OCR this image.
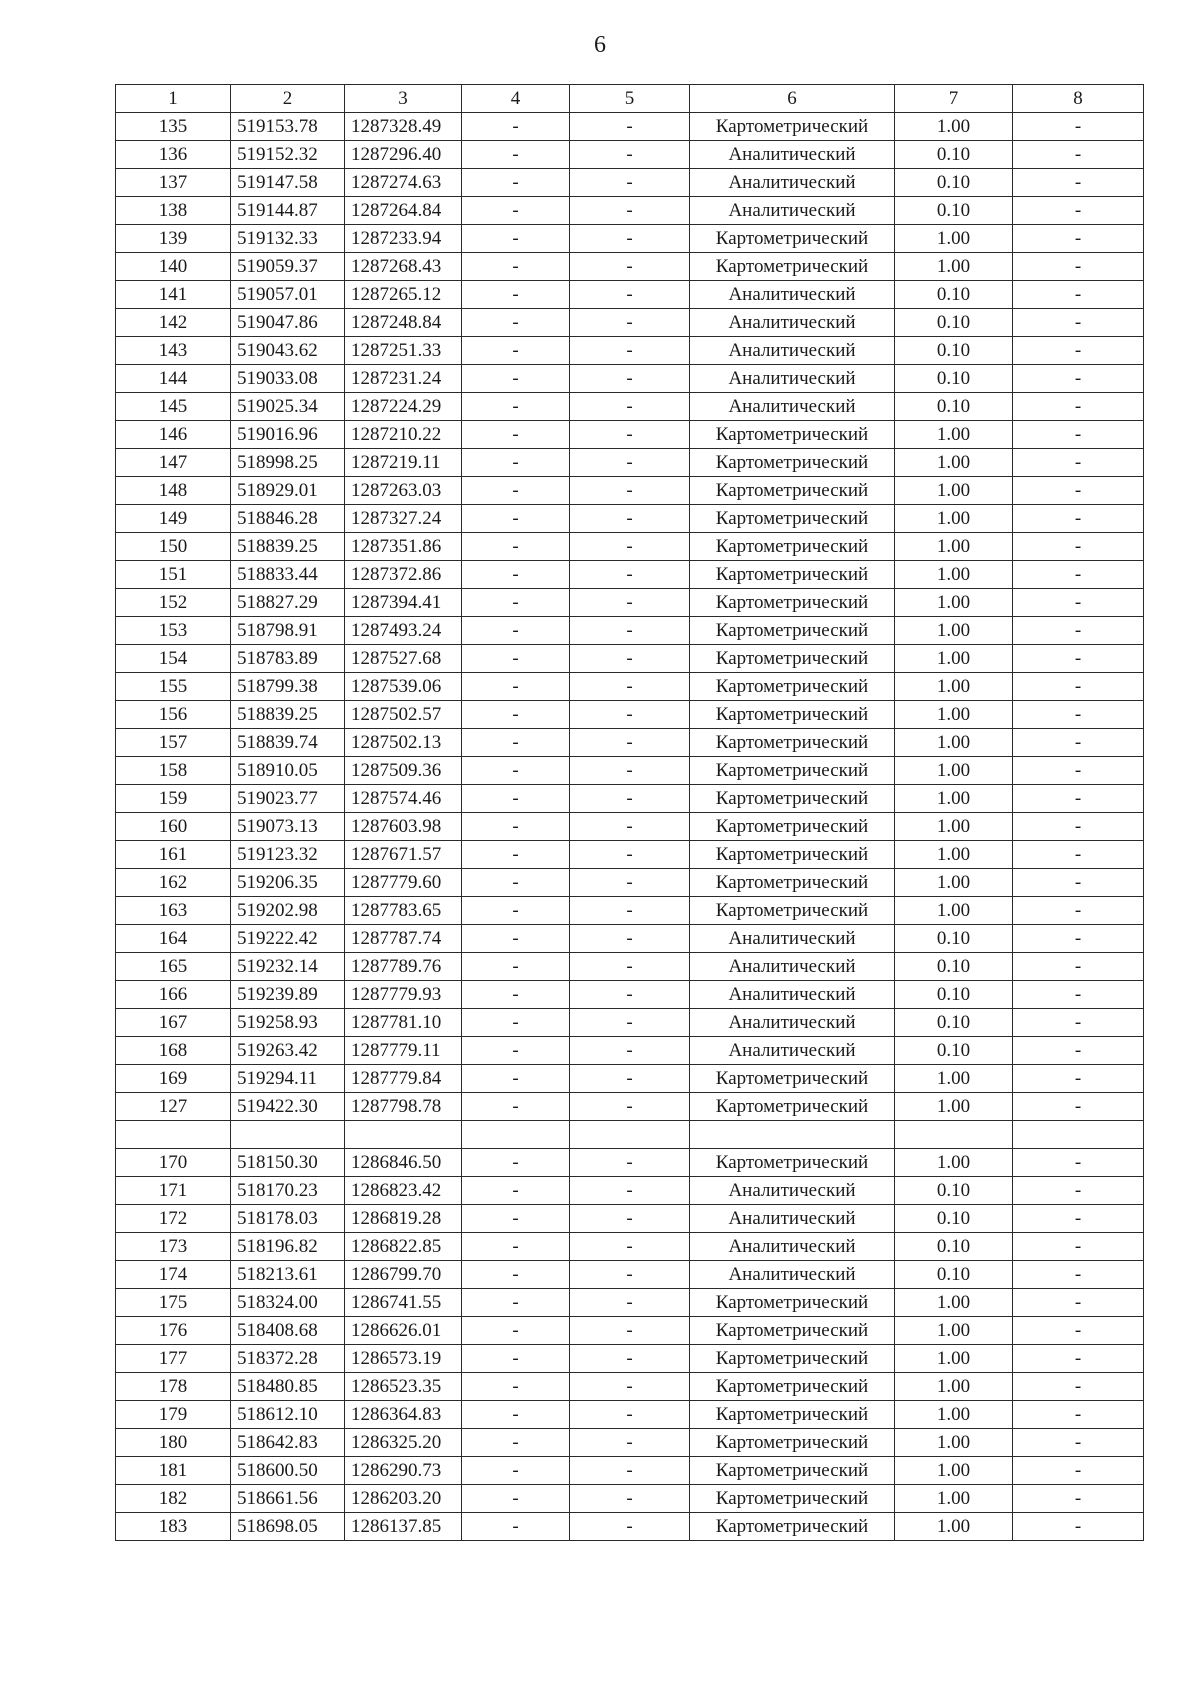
6
1	2	3	4	5	6	7	8
135	519153.78	1287328.49	-	-	Картометрический	1.00	-
136	519152.32	1287296.40	-	-	Аналитический	0.10	-
137	519147.58	1287274.63	-	-	Аналитический	0.10	-
138	519144.87	1287264.84	-	-	Аналитический	0.10	-
139	519132.33	1287233.94	-	-	Картометрический	1.00	-
140	519059.37	1287268.43	-	-	Картометрический	1.00	-
141	519057.01	1287265.12	-	-	Аналитический	0.10	-
142	519047.86	1287248.84	-	-	Аналитический	0.10	-
143	519043.62	1287251.33	-	-	Аналитический	0.10	-
144	519033.08	1287231.24	-	-	Аналитический	0.10	-
145	519025.34	1287224.29	-	-	Аналитический	0.10	-
146	519016.96	1287210.22	-	-	Картометрический	1.00	-
147	518998.25	1287219.11	-	-	Картометрический	1.00	-
148	518929.01	1287263.03	-	-	Картометрический	1.00	-
149	518846.28	1287327.24	-	-	Картометрический	1.00	-
150	518839.25	1287351.86	-	-	Картометрический	1.00	-
151	518833.44	1287372.86	-	-	Картометрический	1.00	-
152	518827.29	1287394.41	-	-	Картометрический	1.00	-
153	518798.91	1287493.24	-	-	Картометрический	1.00	-
154	518783.89	1287527.68	-	-	Картометрический	1.00	-
155	518799.38	1287539.06	-	-	Картометрический	1.00	-
156	518839.25	1287502.57	-	-	Картометрический	1.00	-
157	518839.74	1287502.13	-	-	Картометрический	1.00	-
158	518910.05	1287509.36	-	-	Картометрический	1.00	-
159	519023.77	1287574.46	-	-	Картометрический	1.00	-
160	519073.13	1287603.98	-	-	Картометрический	1.00	-
161	519123.32	1287671.57	-	-	Картометрический	1.00	-
162	519206.35	1287779.60	-	-	Картометрический	1.00	-
163	519202.98	1287783.65	-	-	Картометрический	1.00	-
164	519222.42	1287787.74	-	-	Аналитический	0.10	-
165	519232.14	1287789.76	-	-	Аналитический	0.10	-
166	519239.89	1287779.93	-	-	Аналитический	0.10	-
167	519258.93	1287781.10	-	-	Аналитический	0.10	-
168	519263.42	1287779.11	-	-	Аналитический	0.10	-
169	519294.11	1287779.84	-	-	Картометрический	1.00	-
127	519422.30	1287798.78	-	-	Картометрический	1.00	-

170	518150.30	1286846.50	-	-	Картометрический	1.00	-
171	518170.23	1286823.42	-	-	Аналитический	0.10	-
172	518178.03	1286819.28	-	-	Аналитический	0.10	-
173	518196.82	1286822.85	-	-	Аналитический	0.10	-
174	518213.61	1286799.70	-	-	Аналитический	0.10	-
175	518324.00	1286741.55	-	-	Картометрический	1.00	-
176	518408.68	1286626.01	-	-	Картометрический	1.00	-
177	518372.28	1286573.19	-	-	Картометрический	1.00	-
178	518480.85	1286523.35	-	-	Картометрический	1.00	-
179	518612.10	1286364.83	-	-	Картометрический	1.00	-
180	518642.83	1286325.20	-	-	Картометрический	1.00	-
181	518600.50	1286290.73	-	-	Картометрический	1.00	-
182	518661.56	1286203.20	-	-	Картометрический	1.00	-
183	518698.05	1286137.85	-	-	Картометрический	1.00	-
